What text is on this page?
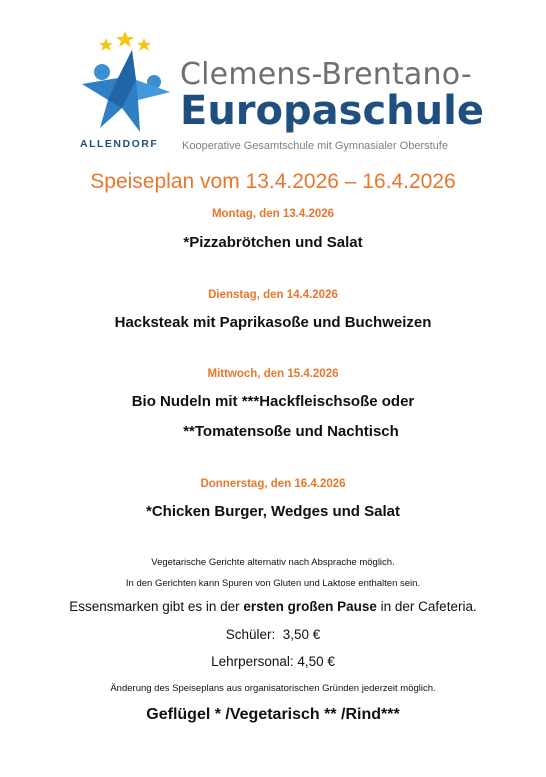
Clemens-Brentano-
Europaschule
Kooperative Gesamtschule mit Gymnasialer Oberstufe
ALLENDORF
Speiseplan vom 13.4.2026 – 16.4.2026
Montag, den 13.4.2026
*Pizzabrötchen und Salat
Dienstag, den 14.4.2026
Hacksteak mit Paprikasoße und Buchweizen
Mittwoch, den 15.4.2026
Bio Nudeln mit ***Hackfleischsoße oder
**Tomatensoße und Nachtisch
Donnerstag, den 16.4.2026
*Chicken Burger, Wedges und Salat
Vegetarische Gerichte alternativ nach Absprache möglich.
In den Gerichten kann Spuren von Gluten und Laktose enthalten sein.
Essensmarken gibt es in der ersten großen Pause in der Cafeteria.
Schüler:  3,50 €
Lehrpersonal: 4,50 €
Änderung des Speiseplans aus organisatorischen Gründen jederzeit möglich.
Geflügel * /Vegetarisch ** /Rind***
